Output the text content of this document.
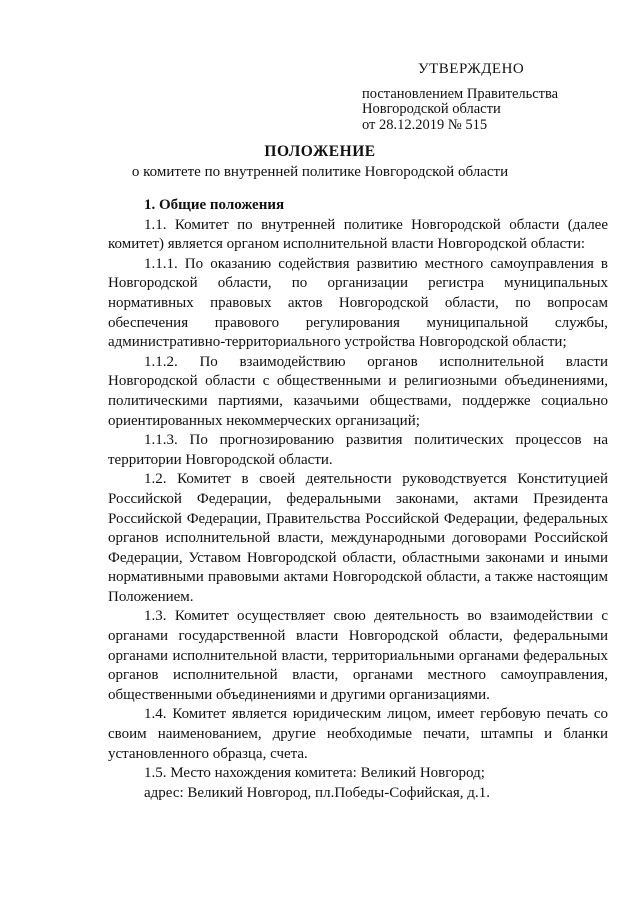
УТВЕРЖДЕНО
постановлением Правительства
Новгородской области
от 28.12.2019 № 515
ПОЛОЖЕНИЕ
о комитете по внутренней политике Новгородской области

1. Общие положения

1.1. Комитет по внутренней политике Новгородской области (далее комитет) является органом исполнительной власти Новгородской области:

1.1.1. По оказанию содействия развитию местного самоуправления в Новгородской области, по организации регистра муниципальных нормативных правовых актов Новгородской области, по вопросам обеспечения правового регулирования муниципальной службы, административно-территориального устройства Новгородской области;

1.1.2. По взаимодействию органов исполнительной власти Новгородской области с общественными и религиозными объединениями, политическими партиями, казачьими обществами, поддержке социально ориентированных некоммерческих организаций;

1.1.3. По прогнозированию развития политических процессов на территории Новгородской области.

1.2. Комитет в своей деятельности руководствуется Конституцией Российской Федерации, федеральными законами, актами Президента Российской Федерации, Правительства Российской Федерации, федеральных органов исполнительной власти, международными договорами Российской Федерации, Уставом Новгородской области, областными законами и иными нормативными правовыми актами Новгородской области, а также настоящим Положением.

1.3. Комитет осуществляет свою деятельность во взаимодействии с органами государственной власти Новгородской области, федеральными органами исполнительной власти, территориальными органами федеральных органов исполнительной власти, органами местного самоуправления, общественными объединениями и другими организациями.

1.4. Комитет является юридическим лицом, имеет гербовую печать со своим наименованием, другие необходимые печати, штампы и бланки установленного образца, счета.

1.5. Место нахождения комитета: Великий Новгород;

адрес: Великий Новгород, пл.Победы-Софийская, д.1.
